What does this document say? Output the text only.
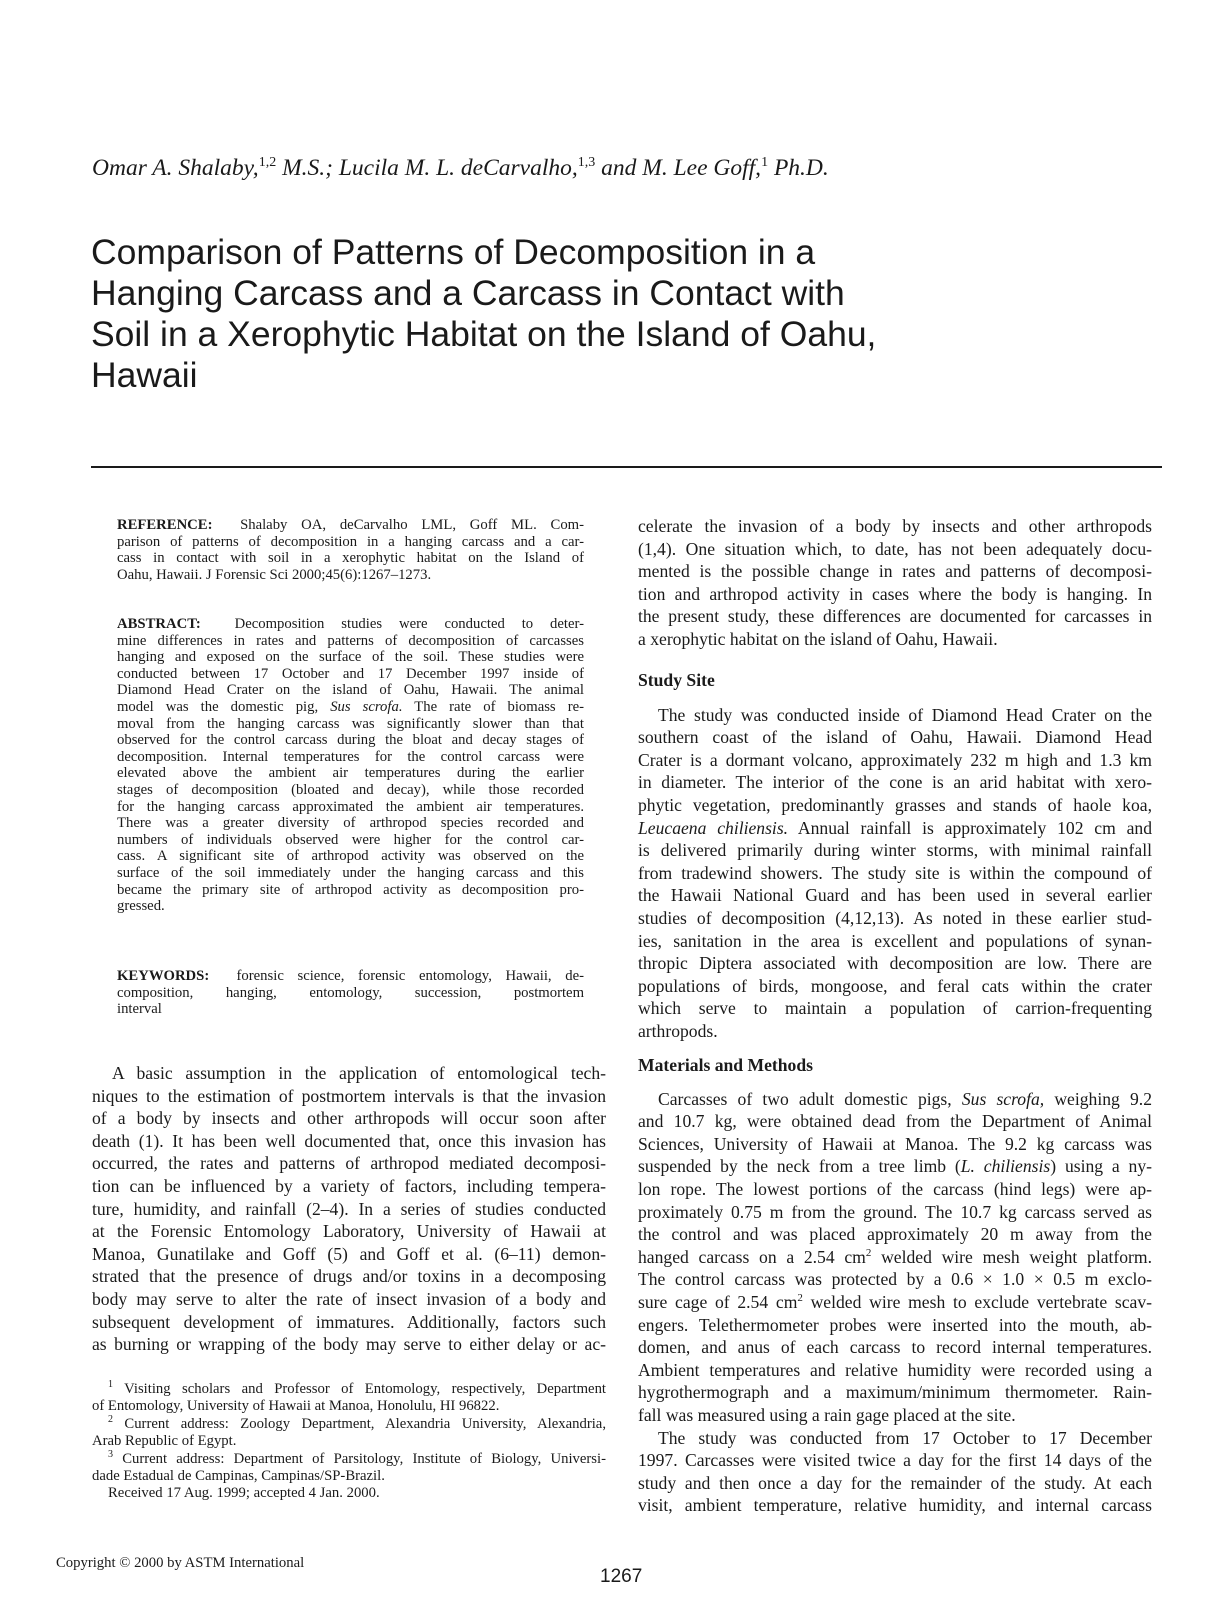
Omar A. Shalaby,$^{1,2}$ M.S.; Lucila M. L. deCarvalho,$^{1,3}$ and M. Lee Goff,$^1$ Ph.D.
Comparison of Patterns of Decomposition in a
Hanging Carcass and a Carcass in Contact with
Soil in a Xerophytic Habitat on the Island of Oahu,
Hawaii
REFERENCE: Shalaby OA, deCarvalho LML, Goff ML. Com-
parison of patterns of decomposition in a hanging carcass and a car-
cass in contact with soil in a xerophytic habitat on the Island of
Oahu, Hawaii. J Forensic Sci 2000;45(6):1267–1273.
ABSTRACT: Decomposition studies were conducted to deter-
mine differences in rates and patterns of decomposition of carcasses
hanging and exposed on the surface of the soil. These studies were
conducted between 17 October and 17 December 1997 inside of
Diamond Head Crater on the island of Oahu, Hawaii. The animal
model was the domestic pig, Sus scrofa. The rate of biomass re-
moval from the hanging carcass was significantly slower than that
observed for the control carcass during the bloat and decay stages of
decomposition. Internal temperatures for the control carcass were
elevated above the ambient air temperatures during the earlier
stages of decomposition (bloated and decay), while those recorded
for the hanging carcass approximated the ambient air temperatures.
There was a greater diversity of arthropod species recorded and
numbers of individuals observed were higher for the control car-
cass. A significant site of arthropod activity was observed on the
surface of the soil immediately under the hanging carcass and this
became the primary site of arthropod activity as decomposition pro-
gressed.
KEYWORDS: forensic science, forensic entomology, Hawaii, de-
composition, hanging, entomology, succession, postmortem
interval
A basic assumption in the application of entomological tech-
niques to the estimation of postmortem intervals is that the invasion
of a body by insects and other arthropods will occur soon after
death (1). It has been well documented that, once this invasion has
occurred, the rates and patterns of arthropod mediated decomposi-
tion can be influenced by a variety of factors, including tempera-
ture, humidity, and rainfall (2–4). In a series of studies conducted
at the Forensic Entomology Laboratory, University of Hawaii at
Manoa, Gunatilake and Goff (5) and Goff et al. (6–11) demon-
strated that the presence of drugs and/or toxins in a decomposing
body may serve to alter the rate of insect invasion of a body and
subsequent development of immatures. Additionally, factors such
as burning or wrapping of the body may serve to either delay or ac-
$^1$ Visiting scholars and Professor of Entomology, respectively, Department
of Entomology, University of Hawaii at Manoa, Honolulu, HI 96822.
$^2$ Current address: Zoology Department, Alexandria University, Alexandria,
Arab Republic of Egypt.
$^3$ Current address: Department of Parsitology, Institute of Biology, Universi-
dade Estadual de Campinas, Campinas/SP-Brazil.
Received 17 Aug. 1999; accepted 4 Jan. 2000.
celerate the invasion of a body by insects and other arthropods
(1,4). One situation which, to date, has not been adequately docu-
mented is the possible change in rates and patterns of decomposi-
tion and arthropod activity in cases where the body is hanging. In
the present study, these differences are documented for carcasses in
a xerophytic habitat on the island of Oahu, Hawaii.
Study Site
The study was conducted inside of Diamond Head Crater on the
southern coast of the island of Oahu, Hawaii. Diamond Head
Crater is a dormant volcano, approximately 232 m high and 1.3 km
in diameter. The interior of the cone is an arid habitat with xero-
phytic vegetation, predominantly grasses and stands of haole koa,
Leucaena chiliensis. Annual rainfall is approximately 102 cm and
is delivered primarily during winter storms, with minimal rainfall
from tradewind showers. The study site is within the compound of
the Hawaii National Guard and has been used in several earlier
studies of decomposition (4,12,13). As noted in these earlier stud-
ies, sanitation in the area is excellent and populations of synan-
thropic Diptera associated with decomposition are low. There are
populations of birds, mongoose, and feral cats within the crater
which serve to maintain a population of carrion-frequenting
arthropods.
Materials and Methods
Carcasses of two adult domestic pigs, Sus scrofa, weighing 9.2
and 10.7 kg, were obtained dead from the Department of Animal
Sciences, University of Hawaii at Manoa. The 9.2 kg carcass was
suspended by the neck from a tree limb (L. chiliensis) using a ny-
lon rope. The lowest portions of the carcass (hind legs) were ap-
proximately 0.75 m from the ground. The 10.7 kg carcass served as
the control and was placed approximately 20 m away from the
hanged carcass on a 2.54 $cm^2$ welded wire mesh weight platform.
The control carcass was protected by a 0.6 × 1.0 × 0.5 m exclo-
sure cage of 2.54 $cm^2$ welded wire mesh to exclude vertebrate scav-
engers. Telethermometer probes were inserted into the mouth, ab-
domen, and anus of each carcass to record internal temperatures.
Ambient temperatures and relative humidity were recorded using a
hygrothermograph and a maximum/minimum thermometer. Rain-
fall was measured using a rain gage placed at the site.
The study was conducted from 17 October to 17 December
1997. Carcasses were visited twice a day for the first 14 days of the
study and then once a day for the remainder of the study. At each
visit, ambient temperature, relative humidity, and internal carcass
Copyright © 2000 by ASTM International
1267
